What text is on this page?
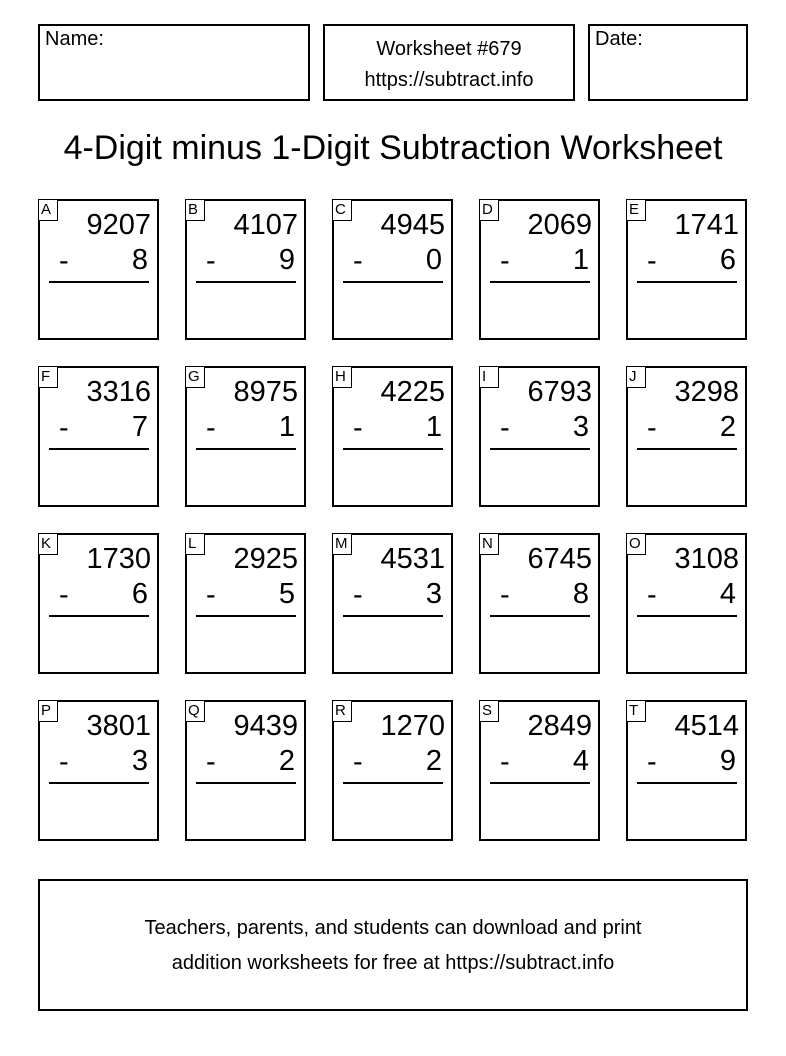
Name:	Worksheet #679
https://subtract.info
Date:
4-Digit minus 1-Digit Subtraction Worksheet
A 9207
- 8
B 4107
- 9
C 4945
- 0
D 2069
- 1
E 1741
- 6
F 3316
- 7
G 8975
- 1
H 4225
- 1
I	6793
- 3
J	3298
- 2
K 1730
- 6
L 2925
- 5
M 4531
- 3
N 6745
- 8
O 3108
- 4
P 3801
- 3
Q 9439
- 2
R 1270
- 2
S 2849
- 4
T 4514
- 9
Teachers, parents, and students can download and print
addition worksheets for free at https://subtract.info
